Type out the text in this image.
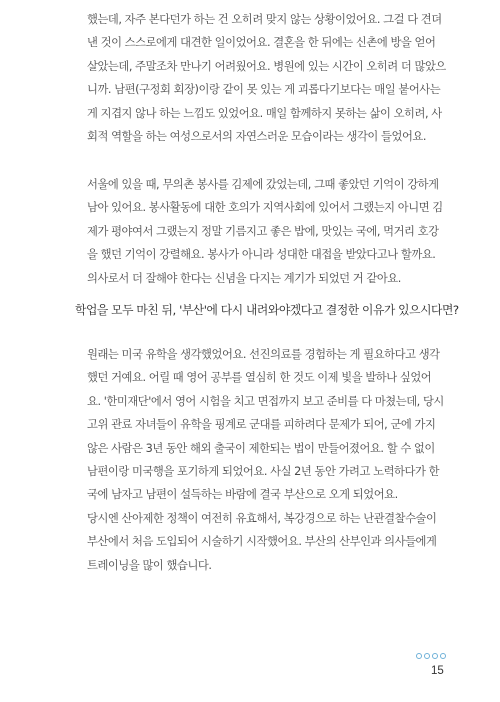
했는데, 자주 본다던가 하는 건 오히려 맞지 않는 상황이었어요. 그걸 다 견뎌
낸 것이 스스로에게 대견한 일이었어요. 결혼을 한 뒤에는 신촌에 방을 얻어
살았는데, 주말조차 만나기 어려웠어요. 병원에 있는 시간이 오히려 더 많았으
니까. 남편(구정회 회장)이랑 같이 못 있는 게 괴롭다기보다는 매일 붙어사는
게 지겹지 않나 하는 느낌도 있었어요. 매일 함께하지 못하는 삶이 오히려, 사
회적 역할을 하는 여성으로서의 자연스러운 모습이라는 생각이 들었어요.
서울에 있을 때, 무의촌 봉사를 김제에 갔었는데, 그때 좋았던 기억이 강하게
남아 있어요. 봉사활동에 대한 호의가 지역사회에 있어서 그랬는지 아니면 김
제가 평야여서 그랬는지 정말 기름지고 좋은 밥에, 맛있는 국에, 먹거리 호강
을 했던 기억이 강렬해요. 봉사가 아니라 성대한 대접을 받았다고나 할까요.
의사로서 더 잘해야 한다는 신념을 다지는 계기가 되었던 거 같아요.
학업을 모두 마친 뒤, '부산'에 다시 내려와야겠다고 결정한 이유가 있으시다면?
원래는 미국 유학을 생각했었어요. 선진의료를 경험하는 게 필요하다고 생각
했던 거예요. 어릴 때 영어 공부를 열심히 한 것도 이제 빛을 발하나 싶었어
요. '한미재단'에서 영어 시험을 치고 면접까지 보고 준비를 다 마쳤는데, 당시
고위 관료 자녀들이 유학을 핑계로 군대를 피하려다 문제가 되어, 군에 가지
않은 사람은 3년 동안 해외 출국이 제한되는 법이 만들어졌어요. 할 수 없이
남편이랑 미국행을 포기하게 되었어요. 사실 2년 동안 가려고 노력하다가 한
국에 남자고 남편이 설득하는 바람에 결국 부산으로 오게 되었어요.
당시엔 산아제한 정책이 여전히 유효해서, 복강경으로 하는 난관결찰수술이
부산에서 처음 도입되어 시술하기 시작했어요. 부산의 산부인과 의사들에게
트레이닝을 많이 했습니다.
15
